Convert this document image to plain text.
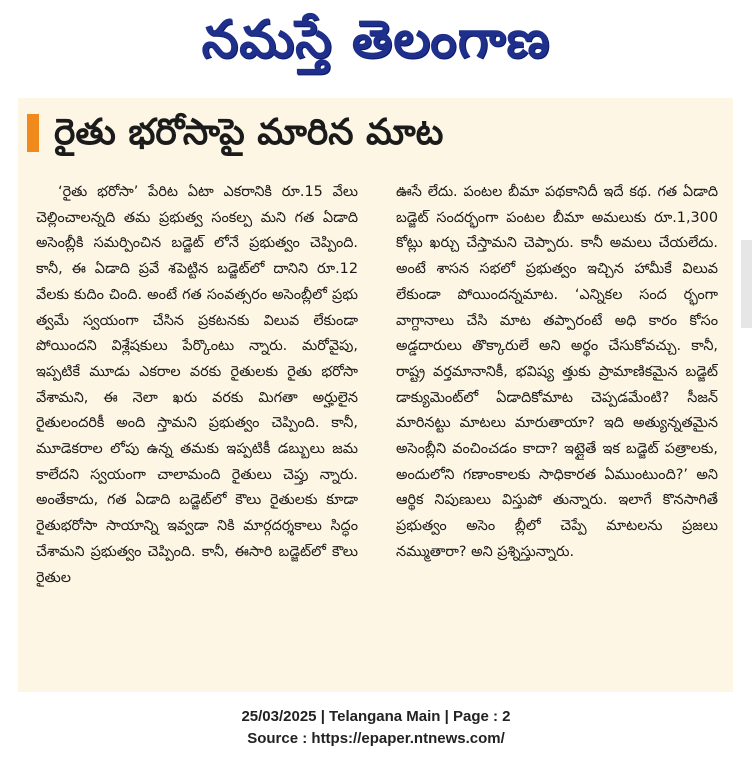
నమస్తే తెలంగాణ
రైతు భరోసాపై మారిన మాట

‘రైతు భరోసా’ పేరిట ఏటా ఎకరానికి రూ.15 వేలు చెల్లించాలన్నది తమ ప్రభుత్వ సంకల్ప మని గత ఏడాది అసెంబ్లీకి సమర్పించిన బడ్జెట్ లోనే ప్రభుత్వం చెప్పింది. కానీ, ఈ ఏడాది ప్రవే శపెట్టిన బడ్జెట్‌లో దానిని రూ.12 వేలకు కుదిం చింది. అంటే గత సంవత్సరం అసెంబ్లీలో ప్రభు త్వమే స్వయంగా చేసిన ప్రకటనకు విలువ లేకుండా పోయిందని విశ్లేషకులు పేర్కొంటు న్నారు. మరోవైపు, ఇప్పటికే మూడు ఎకరాల వరకు రైతులకు రైతు భరోసా వేశామని, ఈ నెలా ఖరు వరకు మిగతా అర్హులైన రైతులందరికీ అంది స్తామని ప్రభుత్వం చెప్పింది. కానీ, మూడెకరాల లోపు ఉన్న తమకు ఇప్పటికీ డబ్బులు జమ కాలేదని స్వయంగా చాలామంది రైతులు చెప్తు న్నారు. అంతేకాదు, గత ఏడాది బడ్జెట్‌లో కౌలు రైతులకు కూడా రైతుభరోసా సాయాన్ని ఇవ్వడా నికి మార్గదర్శకాలు సిద్ధం చేశామని ప్రభుత్వం చెప్పింది. కానీ, ఈసారి బడ్జెట్‌లో కౌలు రైతుల

ఊసే లేదు. పంటల బీమా పథకానిదీ ఇదే కథ. గత ఏడాది బడ్జెట్ సందర్భంగా పంటల బీమా అమలుకు రూ.1,300 కోట్లు ఖర్చు చేస్తామని చెప్పారు. కానీ అమలు చేయలేదు. అంటే శాసన సభలో ప్రభుత్వం ఇచ్చిన హామీకే విలువ లేకుండా పోయిందన్నమాట. ‘ఎన్నికల సంద ర్భంగా వాగ్దానాలు చేసి మాట తప్పారంటే అధి కారం కోసం అడ్డదారులు తొక్కారులే అని అర్థం చేసుకోవచ్చు. కానీ, రాష్ట్ర వర్తమానానికీ, భవిష్య త్తుకు ప్రామాణికమైన బడ్జెట్ డాక్యుమెంట్‌లో ఏడాదికోమాట చెప్పడమేంటి? సీజన్ మారినట్టు మాటలు మారుతాయా? ఇది అత్యున్నతమైన అసెంబ్లీని వంచించడం కాదా? ఇట్లైతే ఇక బడ్జెట్ పత్రాలకు, అందులోని గణాంకాలకు సాధికారత ఏముంటుంది?’ అని ఆర్థిక నిపుణులు విస్తుపో తున్నారు. ఇలాగే కొనసాగితే ప్రభుత్వం అసెం బ్లీలో చెప్పే మాటలను ప్రజలు నమ్ముతారా? అని ప్రశ్నిస్తున్నారు.

25/03/2025 | Telangana Main | Page : 2
Source : https://epaper.ntnews.com/
